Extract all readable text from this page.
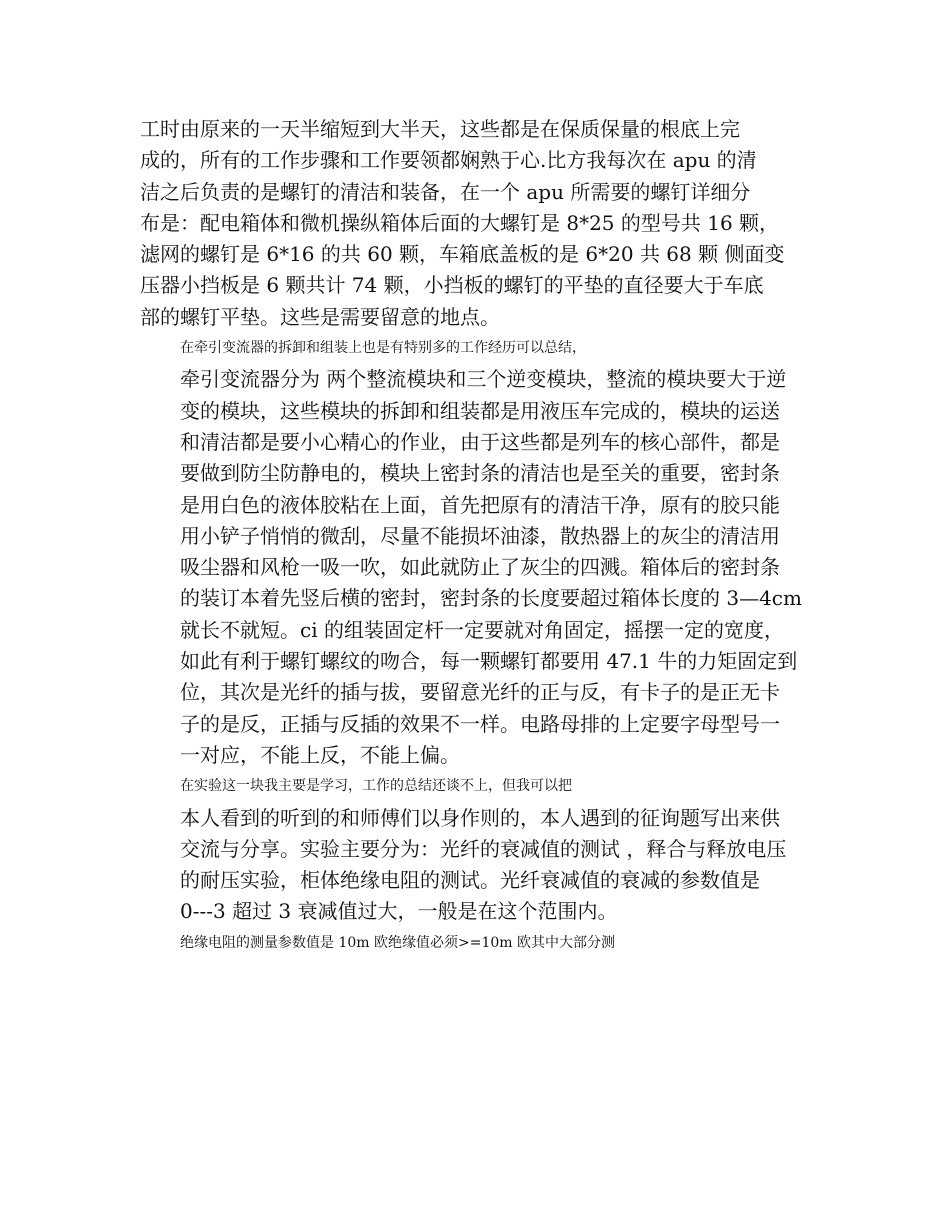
工时由原来的一天半缩短到大半天，这些都是在保质保量的根底上完
成的，所有的工作步骤和工作要领都娴熟于心.比方我每次在 apu 的清
洁之后负责的是螺钉的清洁和装备，在一个 apu 所需要的螺钉详细分
布是：配电箱体和微机操纵箱体后面的大螺钉是 8*25 的型号共 16 颗，
滤网的螺钉是 6*16 的共 60 颗，车箱底盖板的是 6*20 共 68 颗 侧面变
压器小挡板是 6 颗共计 74 颗，小挡板的螺钉的平垫的直径要大于车底
部的螺钉平垫。这些是需要留意的地点。

在牵引变流器的拆卸和组装上也是有特别多的工作经历可以总结，
牵引变流器分为 两个整流模块和三个逆变模块，整流的模块要大于逆
变的模块，这些模块的拆卸和组装都是用液压车完成的，模块的运送
和清洁都是要小心精心的作业，由于这些都是列车的核心部件，都是
要做到防尘防静电的，模块上密封条的清洁也是至关的重要，密封条
是用白色的液体胶粘在上面，首先把原有的清洁干净，原有的胶只能
用小铲子悄悄的微刮，尽量不能损坏油漆，散热器上的灰尘的清洁用
吸尘器和风枪一吸一吹，如此就防止了灰尘的四溅。箱体后的密封条
的装订本着先竖后横的密封，密封条的长度要超过箱体长度的 3—4cm
就长不就短。ci 的组装固定杆一定要就对角固定，摇摆一定的宽度，
如此有利于螺钉螺纹的吻合，每一颗螺钉都要用 47.1 牛的力矩固定到
位，其次是光纤的插与拔，要留意光纤的正与反，有卡子的是正无卡
子的是反，正插与反插的效果不一样。电路母排的上定要字母型号一
一对应，不能上反，不能上偏。

在实验这一块我主要是学习，工作的总结还谈不上，但我可以把
本人看到的听到的和师傅们以身作则的，本人遇到的征询题写出来供
交流与分享。实验主要分为：光纤的衰减值的测试 ，释合与释放电压
的耐压实验，柜体绝缘电阻的测试。光纤衰减值的衰减的参数值是
0---3 超过 3 衰减值过大，一般是在这个范围内。

绝缘电阻的测量参数值是 10m 欧绝缘值必须>=10m 欧其中大部分测
